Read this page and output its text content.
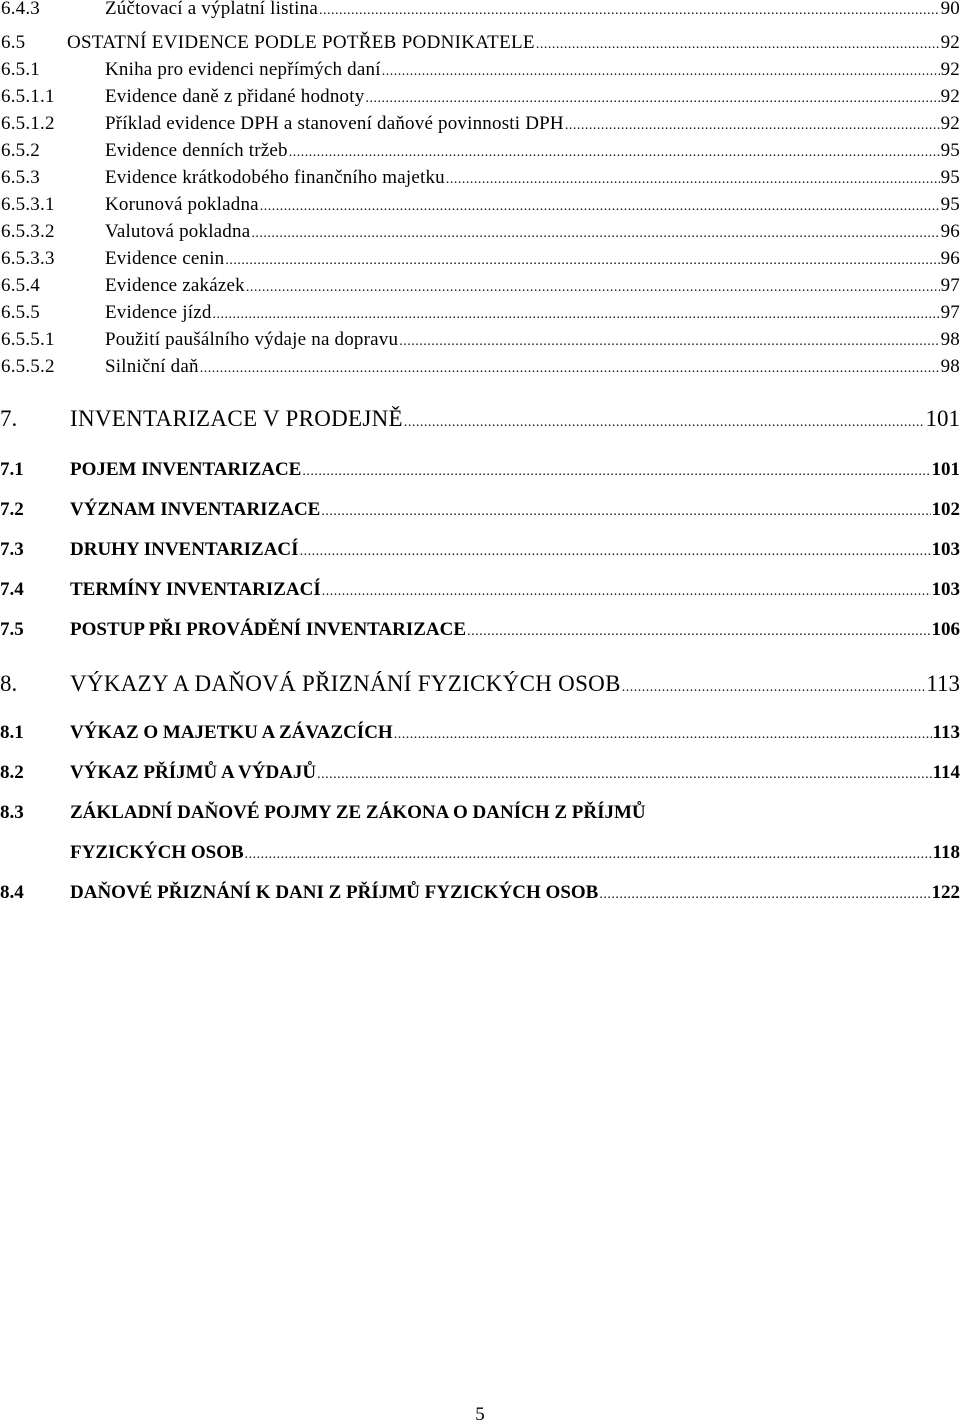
6.4.3	Zúčtovací a výplatní listina .....	90
6.5	OSTATNÍ EVIDENCE PODLE POTŘEB PODNIKATELE .....	92
6.5.1	Kniha pro evidenci nepřímých daní .....	92
6.5.1.1	Evidence daně z přidané hodnoty .....	92
6.5.1.2	Příklad evidence DPH a stanovení daňové povinnosti DPH .....	92
6.5.2	Evidence denních tržeb .....	95
6.5.3	Evidence krátkodobého finančního majetku .....	95
6.5.3.1	Korunová pokladna .....	95
6.5.3.2	Valutová pokladna .....	96
6.5.3.3	Evidence cenin .....	96
6.5.4	Evidence zakázek .....	97
6.5.5	Evidence jízd .....	97
6.5.5.1	Použití paušálního výdaje na dopravu .....	98
6.5.5.2	Silniční daň .....	98
7.	INVENTARIZACE V PRODEJNĚ .....	101
7.1	POJEM INVENTARIZACE .....	101
7.2	VÝZNAM INVENTARIZACE .....	102
7.3	DRUHY INVENTARIZACÍ .....	103
7.4	TERMÍNY INVENTARIZACÍ .....	103
7.5	POSTUP PŘI PROVÁDĚNÍ INVENTARIZACE .....	106
8.	VÝKAZY A DAŇOVÁ PŘIZNÁNÍ FYZICKÝCH OSOB .....	113
8.1	VÝKAZ O MAJETKU A ZÁVAZCÍCH .....	113
8.2	VÝKAZ PŘÍJMŮ A VÝDAJŮ .....	114
8.3	ZÁKLADNÍ DAŇOVÉ POJMY ZE ZÁKONA O DANÍCH Z PŘÍJMŮ
FYZICKÝCH OSOB .....	118
8.4	DAŇOVÉ PŘIZNÁNÍ K DANI Z PŘÍJMŮ FYZICKÝCH OSOB .....	122
5
